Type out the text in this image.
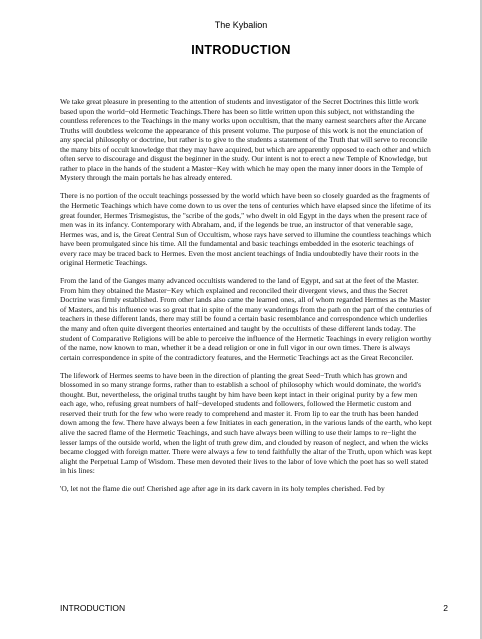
The Kybalion
INTRODUCTION

We take great pleasure in presenting to the attention of students and investigator of the Secret Doctrines this little work based upon the world−old Hermetic Teachings.There has been so little written upon this subject, not withstanding the countless references to the Teachings in the many works upon occultism, that the many earnest searchers after the Arcane Truths will doubtless welcome the appearance of this present volume. The purpose of this work is not the enunciation of any special philosophy or doctrine, but rather is to give to the students a statement of the Truth that will serve to reconcile the many bits of occult knowledge that they may have acquired, but which are apparently opposed to each other and which often serve to discourage and disgust the beginner in the study. Our intent is not to erect a new Temple of Knowledge, but rather to place in the hands of the student a Master−Key with which he may open the many inner doors in the Temple of Mystery through the main portals he has already entered.

There is no portion of the occult teachings possessed by the world which have been so closely guarded as the fragments of the Hermetic Teachings which have come down to us over the tens of centuries which have elapsed since the lifetime of its great founder, Hermes Trismegistus, the "scribe of the gods," who dwelt in old Egypt in the days when the present race of men was in its infancy. Contemporary with Abraham, and, if the legends be true, an instructor of that venerable sage, Hermes was, and is, the Great Central Sun of Occultism, whose rays have served to illumine the countless teachings which have been promulgated since his time. All the fundamental and basic teachings embedded in the esoteric teachings of every race may be traced back to Hermes. Even the most ancient teachings of India undoubtedly have their roots in the original Hermetic Teachings.

From the land of the Ganges many advanced occultists wandered to the land of Egypt, and sat at the feet of the Master. From him they obtained the Master−Key which explained and reconciled their divergent views, and thus the Secret Doctrine was firmly established. From other lands also came the learned ones, all of whom regarded Hermes as the Master of Masters, and his influence was so great that in spite of the many wanderings from the path on the part of the centuries of teachers in these different lands, there may still be found a certain basic resemblance and correspondence which underlies the many and often quite divergent theories entertained and taught by the occultists of these different lands today. The student of Comparative Religions will be able to perceive the influence of the Hermetic Teachings in every religion worthy of the name, now known to man, whether it be a dead religion or one in full vigor in our own times. There is always certain correspondence in spite of the contradictory features, and the Hermetic Teachings act as the Great Reconciler.

The lifework of Hermes seems to have been in the direction of planting the great Seed−Truth which has grown and blossomed in so many strange forms, rather than to establish a school of philosophy which would dominate, the world's thought. But, nevertheless, the original truths taught by him have been kept intact in their original purity by a few men each age, who, refusing great numbers of half−developed students and followers, followed the Hermetic custom and reserved their truth for the few who were ready to comprehend and master it. From lip to ear the truth has been handed down among the few. There have always been a few Initiates in each generation, in the various lands of the earth, who kept alive the sacred flame of the Hermetic Teachings, and such have always been willing to use their lamps to re−light the lesser lamps of the outside world, when the light of truth grew dim, and clouded by reason of neglect, and when the wicks became clogged with foreign matter. There were always a few to tend faithfully the altar of the Truth, upon which was kept alight the Perpetual Lamp of Wisdom. These men devoted their lives to the labor of love which the poet has so well stated in his lines:

'O, let not the flame die out! Cherished age after age in its dark cavern in its holy temples cherished. Fed by

INTRODUCTION	2
